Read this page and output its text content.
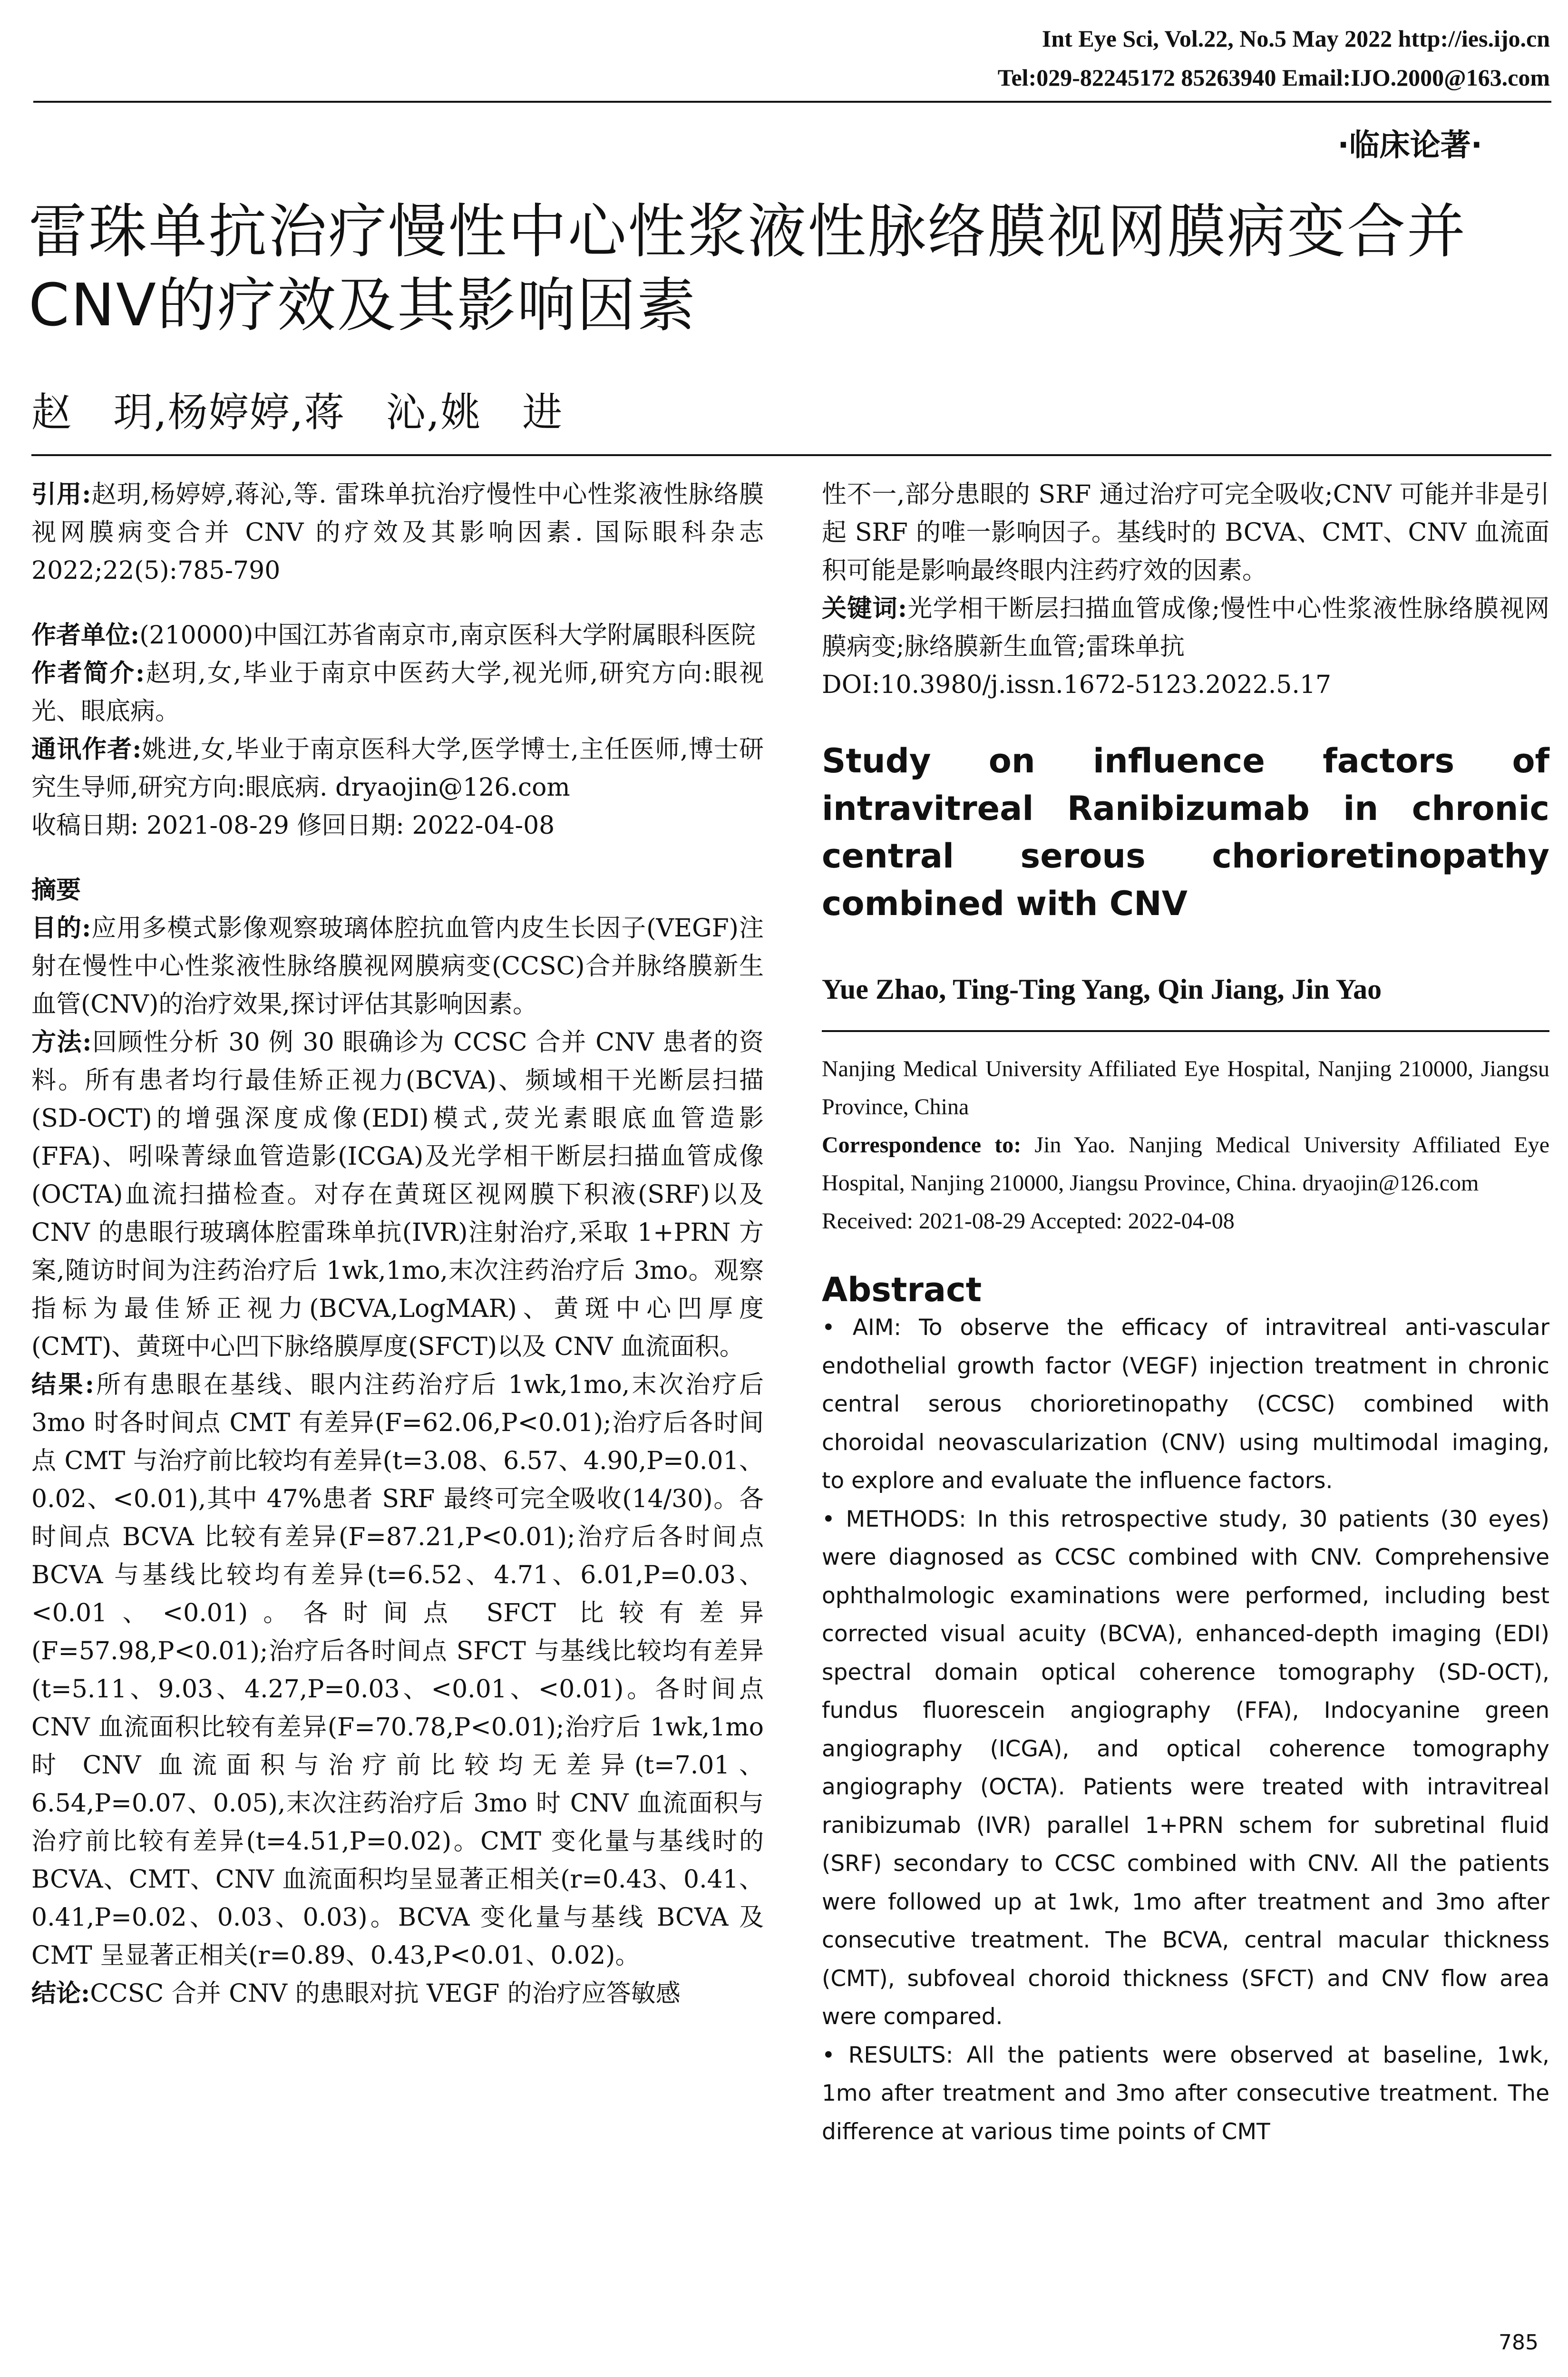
Int Eye Sci, Vol.22, No.5 May 2022 http://ies.ijo.cn
Tel:029-82245172 85263940 Email:IJO.2000@163.com
·临床论著·
雷珠单抗治疗慢性中心性浆液性脉络膜视网膜病变合并CNV的疗效及其影响因素
赵　玥,杨婷婷,蒋　沁,姚　进

引用:赵玥,杨婷婷,蒋沁,等. 雷珠单抗治疗慢性中心性浆液性脉络膜视网膜病变合并 CNV 的疗效及其影响因素. 国际眼科杂志 2022;22(5):785-790

作者单位:(210000)中国江苏省南京市,南京医科大学附属眼科医院

作者简介:赵玥,女,毕业于南京中医药大学,视光师,研究方向:眼视光、眼底病。

通讯作者:姚进,女,毕业于南京医科大学,医学博士,主任医师,博士研究生导师,研究方向:眼底病. dryaojin@126.com

收稿日期: 2021-08-29 修回日期: 2022-04-08

摘要

目的:应用多模式影像观察玻璃体腔抗血管内皮生长因子(VEGF)注射在慢性中心性浆液性脉络膜视网膜病变(CCSC)合并脉络膜新生血管(CNV)的治疗效果,探讨评估其影响因素。

方法:回顾性分析 30 例 30 眼确诊为 CCSC 合并 CNV 患者的资料。所有患者均行最佳矫正视力(BCVA)、频域相干光断层扫描(SD-OCT)的增强深度成像(EDI)模式,荧光素眼底血管造影(FFA)、吲哚菁绿血管造影(ICGA)及光学相干断层扫描血管成像(OCTA)血流扫描检查。对存在黄斑区视网膜下积液(SRF)以及 CNV 的患眼行玻璃体腔雷珠单抗(IVR)注射治疗,采取 1+PRN 方案,随访时间为注药治疗后 1wk,1mo,末次注药治疗后 3mo。观察指标为最佳矫正视力(BCVA,LogMAR)、黄斑中心凹厚度(CMT)、黄斑中心凹下脉络膜厚度(SFCT)以及 CNV 血流面积。

结果:所有患眼在基线、眼内注药治疗后 1wk,1mo,末次治疗后 3mo 时各时间点 CMT 有差异(F=62.06,P<0.01);治疗后各时间点 CMT 与治疗前比较均有差异(t=3.08、6.57、4.90,P=0.01、0.02、<0.01),其中 47%患者 SRF 最终可完全吸收(14/30)。各时间点 BCVA 比较有差异(F=87.21,P<0.01);治疗后各时间点 BCVA 与基线比较均有差异(t=6.52、4.71、6.01,P=0.03、<0.01、<0.01)。各时间点 SFCT 比较有差异(F=57.98,P<0.01);治疗后各时间点 SFCT 与基线比较均有差异(t=5.11、9.03、4.27,P=0.03、<0.01、<0.01)。各时间点 CNV 血流面积比较有差异(F=70.78,P<0.01);治疗后 1wk,1mo 时 CNV 血流面积与治疗前比较均无差异(t=7.01、6.54,P=0.07、0.05),末次注药治疗后 3mo 时 CNV 血流面积与治疗前比较有差异(t=4.51,P=0.02)。CMT 变化量与基线时的 BCVA、CMT、CNV 血流面积均呈显著正相关(r=0.43、0.41、0.41,P=0.02、0.03、0.03)。BCVA 变化量与基线 BCVA 及 CMT 呈显著正相关(r=0.89、0.43,P<0.01、0.02)。

结论:CCSC 合并 CNV 的患眼对抗 VEGF 的治疗应答敏感

性不一,部分患眼的 SRF 通过治疗可完全吸收;CNV 可能并非是引起 SRF 的唯一影响因子。基线时的 BCVA、CMT、CNV 血流面积可能是影响最终眼内注药疗效的因素。

关键词:光学相干断层扫描血管成像;慢性中心性浆液性脉络膜视网膜病变;脉络膜新生血管;雷珠单抗

DOI:10.3980/j.issn.1672-5123.2022.5.17

Study on influence factors of intravitreal Ranibizumab in chronic central serous chorioretinopathy combined with CNV
Yue Zhao, Ting-Ting Yang, Qin Jiang, Jin Yao
Nanjing Medical University Affiliated Eye Hospital, Nanjing 210000, Jiangsu Province, China
Correspondence to: Jin Yao. Nanjing Medical University Affiliated Eye Hospital, Nanjing 210000, Jiangsu Province, China. dryaojin@126.com
Received: 2021-08-29 Accepted: 2022-04-08
Abstract
• AIM: To observe the efficacy of intravitreal anti-vascular endothelial growth factor (VEGF) injection treatment in chronic central serous chorioretinopathy (CCSC) combined with choroidal neovascularization (CNV) using multimodal imaging, to explore and evaluate the influence factors.
• METHODS: In this retrospective study, 30 patients (30 eyes) were diagnosed as CCSC combined with CNV. Comprehensive ophthalmologic examinations were performed, including best corrected visual acuity (BCVA), enhanced-depth imaging (EDI) spectral domain optical coherence tomography (SD-OCT), fundus fluorescein angiography (FFA), Indocyanine green angiography (ICGA), and optical coherence tomography angiography (OCTA). Patients were treated with intravitreal ranibizumab (IVR) parallel 1+PRN schem for subretinal fluid (SRF) secondary to CCSC combined with CNV. All the patients were followed up at 1wk, 1mo after treatment and 3mo after consecutive treatment. The BCVA, central macular thickness (CMT), subfoveal choroid thickness (SFCT) and CNV flow area were compared.
• RESULTS: All the patients were observed at baseline, 1wk, 1mo after treatment and 3mo after consecutive treatment. The difference at various time points of CMT
785
